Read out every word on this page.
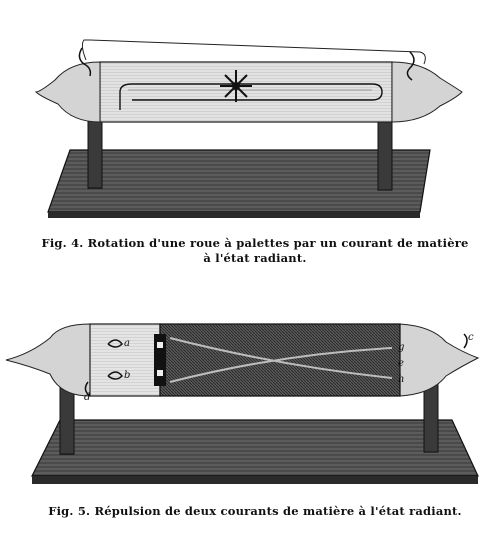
Fig. 4. Rotation d'une roue à palettes par un courant de matière
à l'état radiant.
a
b
c
d
g
e
h
Fig. 5. Répulsion de deux courants de matière à l'état radiant.
